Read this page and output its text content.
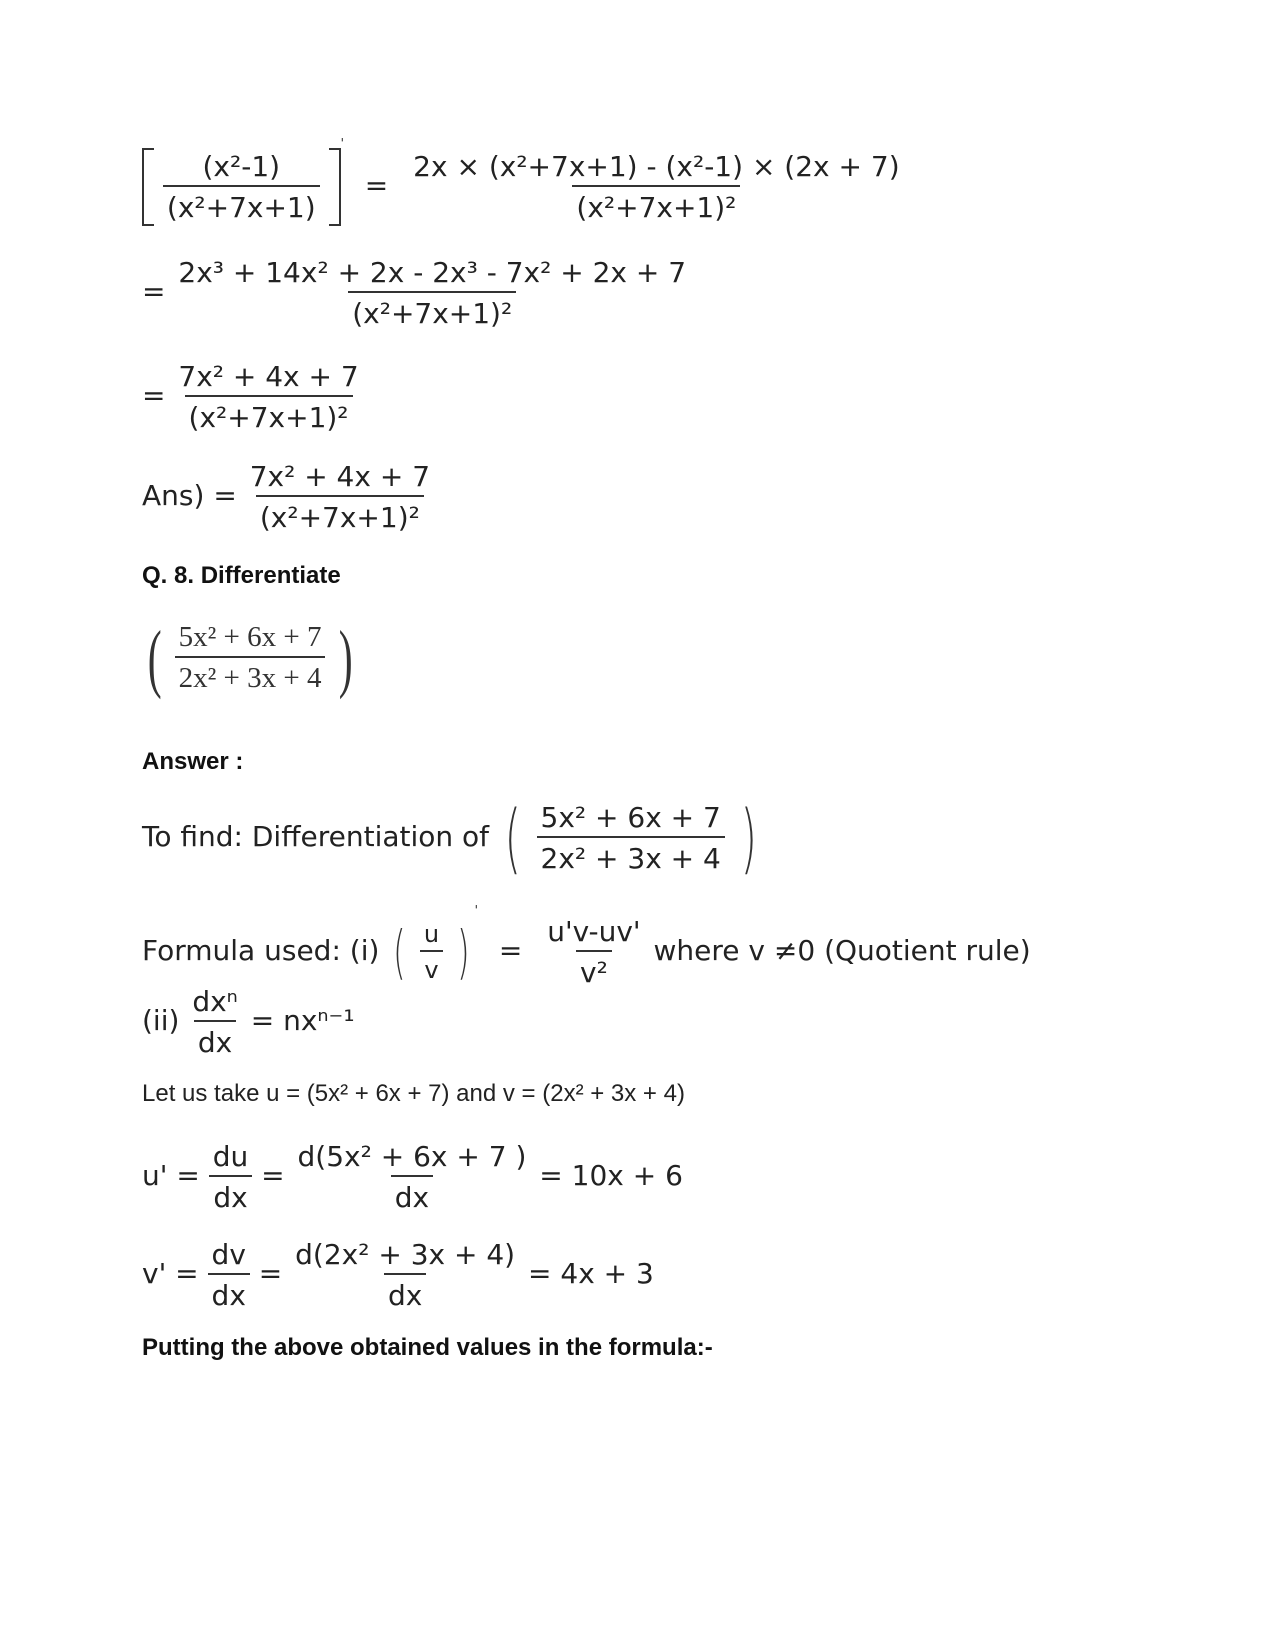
$\frac{\text{(x²-1)}}{\text{(x²+7x+1)}}$
$' = \frac{\text{2x × (x²+7x+1) - (x²-1) × (2x + 7)}}{\text{(x²+7x+1)²}}$
= $\frac{\text{2x³ + 14x² + 2x - 2x³ - 7x² + 2x + 7}}{\text{(x²+7x+1)²}}$
= $\frac{\text{7x² + 4x + 7}}{\text{(x²+7x+1)²}}$
$Ans) = \frac{\text{7x² + 4x + 7}}{\text{(x²+7x+1)²}}$
Q. 8. Differentiate
( $\frac{\text{5x² + 6x + 7}}{\text{2x² + 3x + 4}}$ )
Answer :
To find: Differentiation of ( $\frac{\text{5x² + 6x + 7}}{\text{2x² + 3x + 4}}$ )
Formula used: (i) ( $\frac{u}{v} )' = \frac{u'v-uv'}{\text{v²}}$ where v ≠0 (Quotient rule)
$(ii) \frac{\text{dxⁿ}}{dx} = nx^{n-1}$
Let us take u = (5x² + 6x + 7) and v = (2x² + 3x + 4)
$u' = \frac{du}{dx} = \frac{\text{d(5x² + 6x + 7 )}}{dx} = 10x + 6$
$v' = \frac{dv}{dx} = \frac{\text{d(2x² + 3x + 4)}}{dx} = 4x + 3$
Putting the above obtained values in the formula:-
